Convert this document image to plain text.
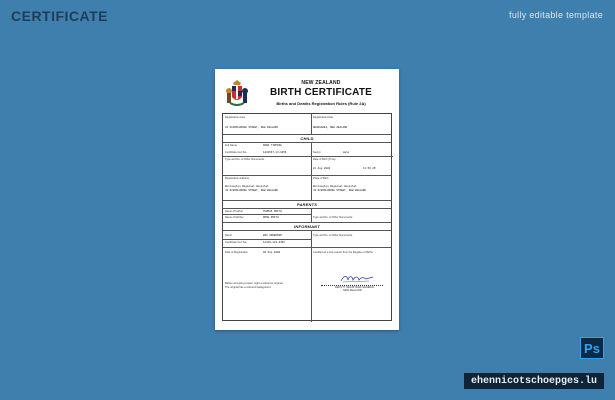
CERTIFICATE	fully editable template
NEW ZEALAND
BIRTH CERTIFICATE
Births and Deaths Registration Rules (Rule 2A)
Registration area
43 SCHOOLHOUSE STREET, NEW ZEALAND
Registration Date
WHANGAREI, NEW ZEALAND
CHILD
Full Name	KORA TIPPING
Certificate Cert No.	1234567-14-3456	Sex(s)	male
Type and No. of Other Documents	Date of Birth (Time)
21 Aug 2000	11:50 AM
Registration Address
Wellington Regional Hospital
43 SCHOOLHOUSE STREET, NEW ZEALAND
Place of Birth
Wellington Regional Hospital
43 SCHOOLHOUSE STREET, NEW ZEALAND
PARENTS
Name of Father	THOMAS SMITH
Name of Mother	ROSE SMITH	Type and No. of Other Documents
INFORMANT
Name	EMA ANDERSON
Certificate Cert No.	12345-123-3456
Type and No. of Other Documents
Date of Registration	09 Sep 2000	Certified as a true extract from the Register of Births
DEPUTY REGISTRAR-GENERAL
NEW ZEALAND
Before accepting copies, sight a reference original.
The original has a coloured background.
Ps
ehennicotschoepges.lu
